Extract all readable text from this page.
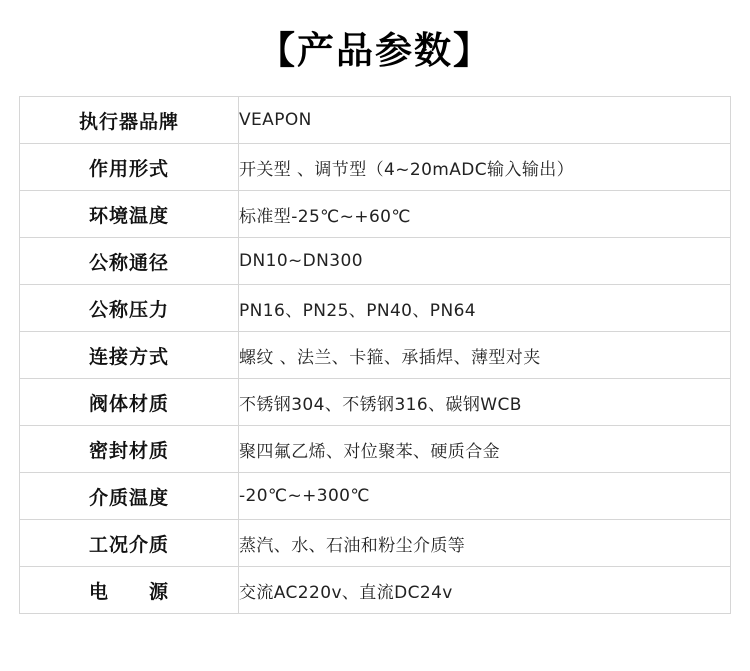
【产品参数】
执行器品牌	VEAPON
作用形式	开关型 、调节型（4~20mADC输入输出）
环境温度	标准型-25℃~+60℃
公称通径	DN10~DN300
公称压力	PN16、PN25、PN40、PN64
连接方式	螺纹 、法兰、卡箍、承插焊、薄型对夹
阀体材质	不锈钢304、不锈钢316、碳钢WCB
密封材质	聚四氟乙烯、对位聚苯、硬质合金
介质温度	-20℃~+300℃
工况介质	蒸汽、水、石油和粉尘介质等
电　　源	交流AC220v、直流DC24v
